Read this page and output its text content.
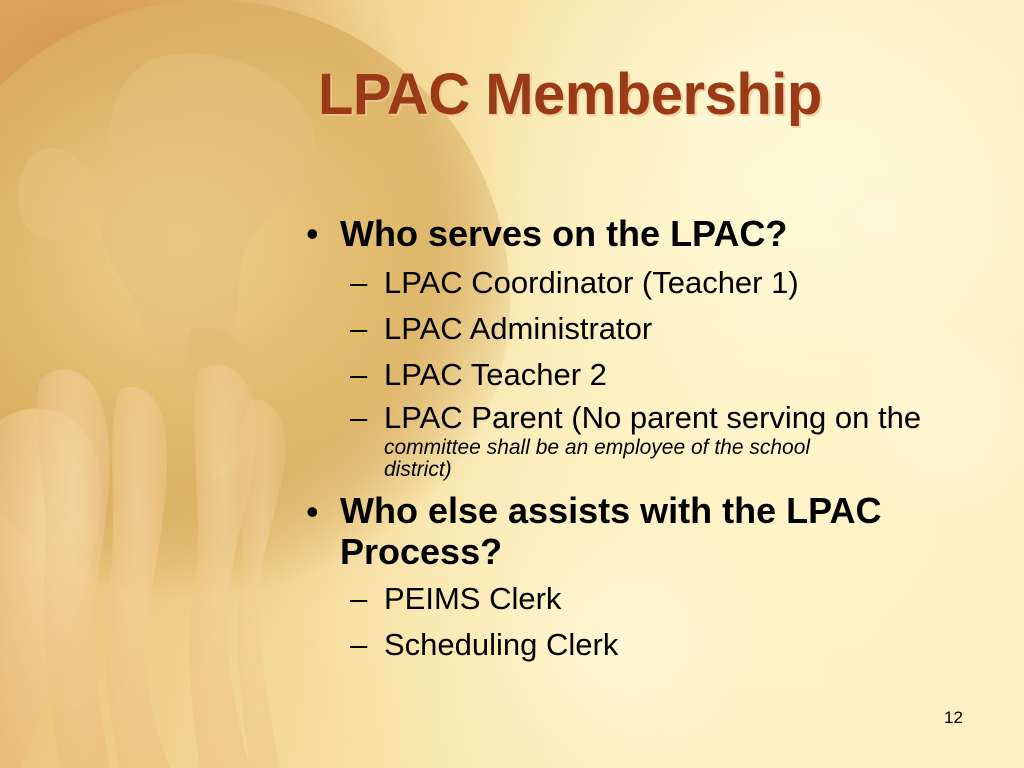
LPAC Membership
• Who serves on the LPAC?
– LPAC Coordinator (Teacher 1)
– LPAC Administrator
– LPAC Teacher 2
– LPAC Parent
(No parent serving on the
committee shall be an employee of the school
district)
• Who else assists with the LPAC
Process?
– PEIMS Clerk
– Scheduling Clerk
12
